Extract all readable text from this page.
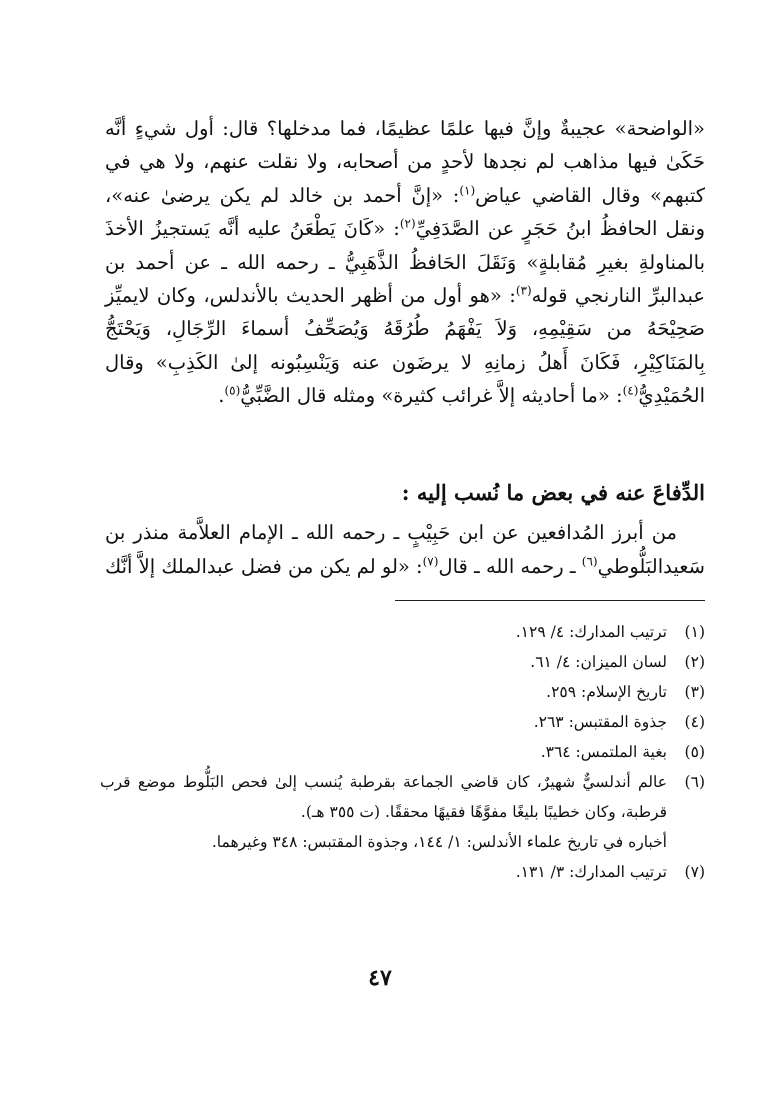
«الواضحة» عجيبةٌ وإنَّ فيها علمًا عظيمًا، فما مدخلها؟ قال: أول شيءٍ أنَّه حَكَىٰ فيها مذاهب لم نجدها لأحدٍ من أصحابه، ولا نقلت عنهم، ولا هي في كتبهم» وقال القاضي عياض$^{(١)}$: «إنَّ أحمد بن خالد لم يكن يرضىٰ عنه»، ونقل الحافظُ ابنُ حَجَرٍ عن الصَّدَفِيِّ$^{(٢)}$: «كَانَ يَطْعَنُ عليه أنَّه يَستجيزُ الأخذَ بالمناولةِ بغيرِ مُقابلةٍ» وَنَقَلَ الحَافظُ الذَّهَبِيُّ ـ رحمه الله ـ عن أحمد بن عبدالبرِّ النارنجي قوله$^{(٣)}$: «هو أول من أظهر الحديث بالأندلس، وكان لايميِّز صَحِيْحَهُ من سَقِيْمِهِ، وَلاَ يَفْهَمُ طُرُقَهُ وَيُصَحِّفُ أسماءَ الرِّجَالِ، وَيَحْتَجُّ بِالمَنَاكِيْرِ، فَكَانَ أَهلُ زمانِهِ لا يرضَون عنه وَيَنْسِبُونه إلىٰ الكَذِبِ» وقال الحُمَيْدِيُّ$^{(٤)}$: «ما أحاديثه إلاَّ غرائب كثيرة» ومثله قال الضَّبِّيُّ$^{(٥)}$.

الدِّفاعَ عنه في بعض ما نُسب إليه :

من أبرز المُدافعين عن ابن حَبِيْبٍ ـ رحمه الله ـ الإمام العلاَّمة منذر بن سَعيدالبَلُّوطي$^{(٦)}$ ـ رحمه الله ـ قال$^{(٧)}$: «لو لم يكن من فضل عبدالملك إلاَّ أنَّك

(١)
ترتيب المدارك: ٤/ ١٢٩.
(٢)
لسان الميزان: ٤/ ٦١.
(٣)
تاريخ الإسلام: ٢٥٩.
(٤)
جذوة المقتبس: ٢٦٣.
(٥)
بغية الملتمس: ٣٦٤.
(٦)
عالم أندلسيٌّ شهيرٌ، كان قاضي الجماعة بقرطبة يُنسب إلىٰ فحص البَلُّوط موضع قرب قرطبة، وكان خطيبًا بليغًا مفوَّهًا فقيهًا محققًا. (ت ٣٥٥ هـ).
أخباره في تاريخ علماء الأندلس: ١/ ١٤٤، وجذوة المقتبس: ٣٤٨ وغيرهما.
(٧)
ترتيب المدارك: ٣/ ١٣١.
٤٧
